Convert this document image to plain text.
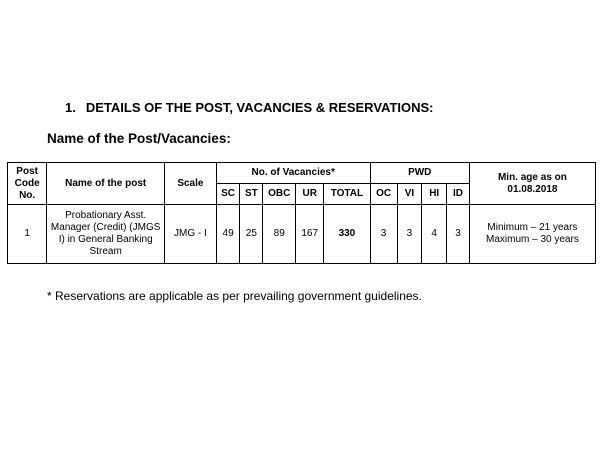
1. DETAILS OF THE POST, VACANCIES & RESERVATIONS:
Name of the Post/Vacancies:
Post Code No.	Name of the post	Scale	No. of Vacancies*					PWD				Min. age as on 01.08.2018
			SC	ST	OBC	UR	TOTAL	OC	VI	HI	ID	
1	Probationary Asst. Manager (Credit) (JMGS I) in General Banking Stream	JMG - I	49	25	89	167	330	3	3	4	3	Minimum – 21 years
Maximum – 30 years
* Reservations are applicable as per prevailing government guidelines.
